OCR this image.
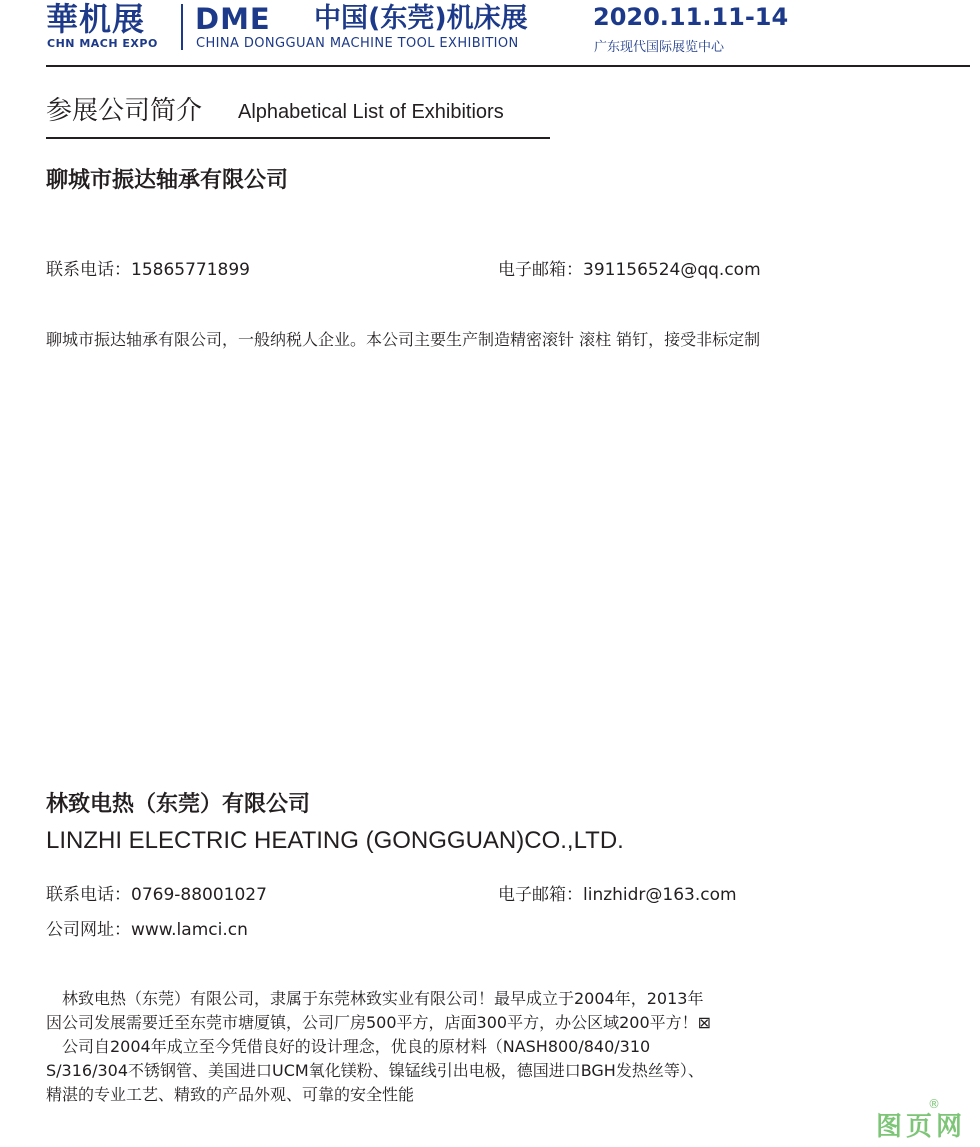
華机展
CHN MACH EXPO
DME 中国(东莞)机床展	2020.11.11-14
CHINA DONGGUAN MACHINE TOOL EXHIBITION	广东现代国际展览中心
参展公司简介 Alphabetical List of Exhibitiors
聊城市振达轴承有限公司
联系电话：15865771899	电子邮箱：391156524@qq.com

聊城市振达轴承有限公司，一般纳税人企业。本公司主要生产制造精密滚针 滚柱 销钉，接受非标定制

林致电热（东莞）有限公司
LINZHI ELECTRIC HEATING (GONGGUAN)CO.,LTD.
联系电话：0769-88001027	电子邮箱：linzhidr@163.com
公司网址：www.lamci.cn

　林致电热（东莞）有限公司，隶属于东莞林致实业有限公司！最早成立于2004年，2013年

因公司发展需要迁至东莞市塘厦镇，公司厂房500平方，店面300平方，办公区域200平方！⊠

　公司自2004年成立至今凭借良好的设计理念，优良的原材料（NASH800/840/310

S/316/304不锈钢管、美国进口UCM氧化镁粉、镍锰线引出电极，德国进口BGH发热丝等）、

精湛的专业工艺、精致的产品外观、可靠的安全性能

图页网
®
